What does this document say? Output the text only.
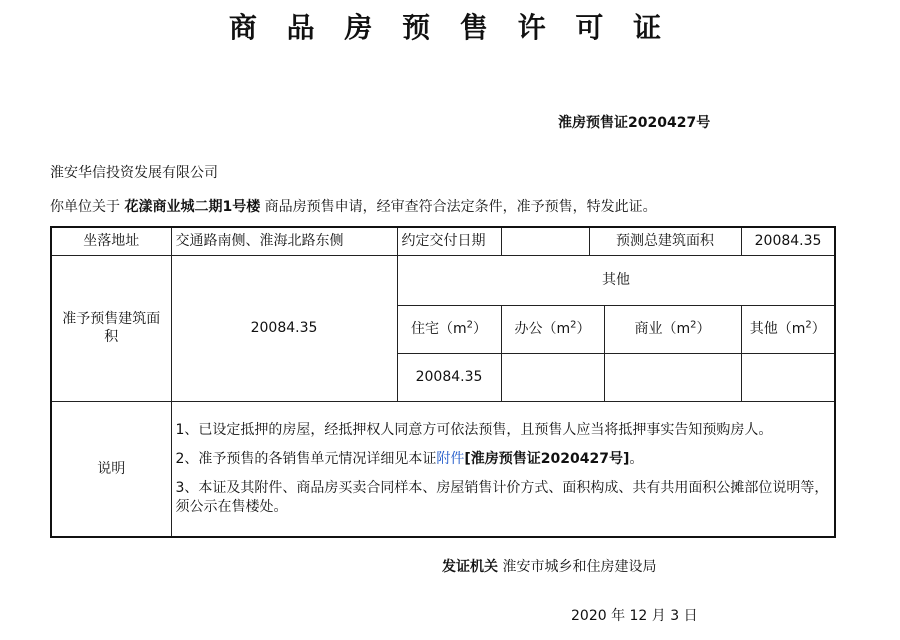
商 品 房 预 售 许 可 证
淮房预售证2020427号
淮安华信投资发展有限公司
你单位关于 花漾商业城二期1号楼 商品房预售申请，经审查符合法定条件，准予预售，特发此证。
坐落地址	交通路南侧、淮海北路东侧	约定交付日期		预测总建筑面积		20084.35
准予预售建筑面积	20084.35	其他				
		住宅$(m^2)$	办公$(m^2)$		商业$(m^2)$	其他$(m^2)$
		20084.35				
说明	1、已设定抵押的房屋，经抵押权人同意方可依法预售，且预售人应当将抵押事实告知预购房人。

2、准予预售的各销售单元情况详细见本证附件[淮房预售证2020427号]。

3、本证及其附件、商品房买卖合同样本、房屋销售计价方式、面积构成、共有共用面积公摊部位说明等，须公示在售楼处。					

发证机关 淮安市城乡和住房建设局
2020 年 12 月 3 日
